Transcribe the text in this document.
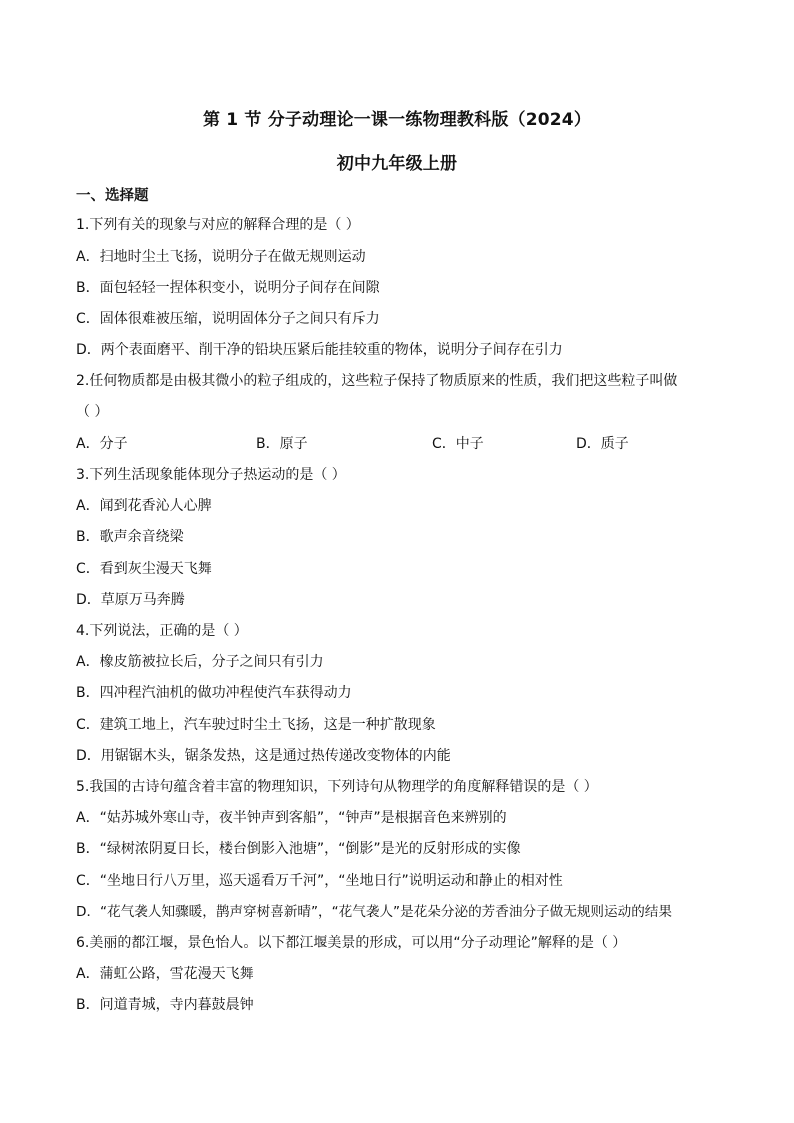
第 1 节 分子动理论一课一练物理教科版（2024）
初中九年级上册
一、选择题
1.下列有关的现象与对应的解释合理的是（ ）
A．扫地时尘土飞扬，说明分子在做无规则运动
B．面包轻轻一捏体积变小，说明分子间存在间隙
C．固体很难被压缩，说明固体分子之间只有斥力
D．两个表面磨平、削干净的铅块压紧后能挂较重的物体，说明分子间存在引力
2.任何物质都是由极其微小的粒子组成的，这些粒子保持了物质原来的性质，我们把这些粒子叫做
（ ）
A．分子	B．原子	C．中子	D．质子
3.下列生活现象能体现分子热运动的是（ ）
A．闻到花香沁人心脾
B．歌声余音绕梁
C．看到灰尘漫天飞舞
D．草原万马奔腾
4.下列说法，正确的是（ ）
A．橡皮筋被拉长后，分子之间只有引力
B．四冲程汽油机的做功冲程使汽车获得动力
C．建筑工地上，汽车驶过时尘土飞扬，这是一种扩散现象
D．用锯锯木头，锯条发热，这是通过热传递改变物体的内能
5.我国的古诗句蕴含着丰富的物理知识，下列诗句从物理学的角度解释错误的是（ ）
A．“姑苏城外寒山寺，夜半钟声到客船”，“钟声”是根据音色来辨别的
B．“绿树浓阴夏日长，楼台倒影入池塘”，“倒影”是光的反射形成的实像
C．“坐地日行八万里，巡天遥看万千河”，“坐地日行”说明运动和静止的相对性
D．“花气袭人知骤暖，鹊声穿树喜新晴”，“花气袭人”是花朵分泌的芳香油分子做无规则运动的结果
6.美丽的都江堰，景色怡人。以下都江堰美景的形成，可以用“分子动理论”解释的是（ ）
A．蒲虹公路，雪花漫天飞舞
B．问道青城，寺内暮鼓晨钟
